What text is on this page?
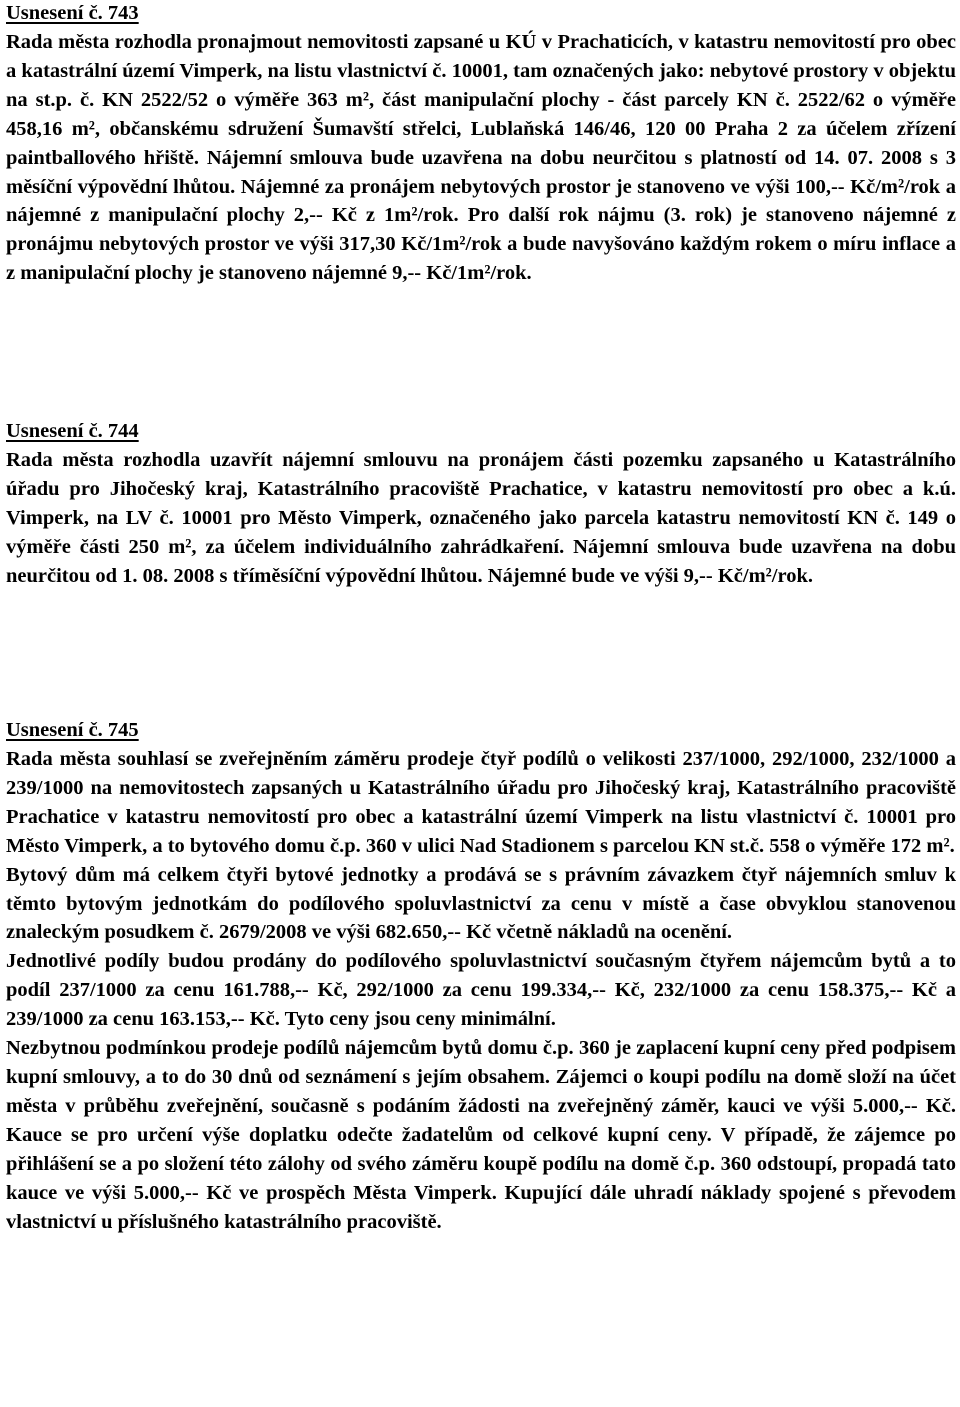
Usnesení č. 743

Rada města rozhodla pronajmout nemovitosti zapsané u KÚ v Prachaticích, v katastru nemovitostí pro obec a katastrální území Vimperk, na listu vlastnictví č. 10001, tam označených jako: nebytové prostory v objektu na st.p. č. KN 2522/52 o výměře 363 m², část manipulační plochy - část parcely KN č. 2522/62 o výměře 458,16 m², občanskému sdružení Šumavští střelci, Lublaňská 146/46, 120 00 Praha 2 za účelem zřízení paintballového hřiště. Nájemní smlouva bude uzavřena na dobu neurčitou s platností od 14. 07. 2008 s 3 měsíční výpovědní lhůtou. Nájemné za pronájem nebytových prostor je stanoveno ve výši 100,-- Kč/m²/rok a nájemné z manipulační plochy 2,-- Kč z 1m²/rok. Pro další rok nájmu (3. rok) je stanoveno nájemné z pronájmu nebytových prostor ve výši 317,30 Kč/1m²/rok a bude navyšováno každým rokem o míru inflace a z manipulační plochy je stanoveno nájemné 9,-- Kč/1m²/rok.

Usnesení č. 744

Rada města rozhodla uzavřít nájemní smlouvu na pronájem části pozemku zapsaného u Katastrálního úřadu pro Jihočeský kraj, Katastrálního pracoviště Prachatice, v katastru nemovitostí pro obec a k.ú. Vimperk, na LV č. 10001 pro Město Vimperk, označeného jako parcela katastru nemovitostí KN č. 149 o výměře části 250 m², za účelem individuálního zahrádkaření. Nájemní smlouva bude uzavřena na dobu neurčitou od 1. 08. 2008 s tříměsíční výpovědní lhůtou. Nájemné bude ve výši 9,-- Kč/m²/rok.

Usnesení č. 745

Rada města souhlasí se zveřejněním záměru prodeje čtyř podílů o velikosti 237/1000, 292/1000, 232/1000 a 239/1000 na nemovitostech zapsaných u Katastrálního úřadu pro Jihočeský kraj, Katastrálního pracoviště Prachatice v katastru nemovitostí pro obec a katastrální území Vimperk na listu vlastnictví č. 10001 pro Město Vimperk, a to bytového domu č.p. 360 v ulici Nad Stadionem s parcelou KN st.č. 558 o výměře 172 m².

Bytový dům má celkem čtyři bytové jednotky a prodává se s právním závazkem čtyř nájemních smluv k těmto bytovým jednotkám do podílového spoluvlastnictví za cenu v místě a čase obvyklou stanovenou znaleckým posudkem č. 2679/2008 ve výši 682.650,-- Kč včetně nákladů na ocenění.

Jednotlivé podíly budou prodány do podílového spoluvlastnictví současným čtyřem nájemcům bytů a to podíl 237/1000 za cenu 161.788,-- Kč, 292/1000 za cenu 199.334,-- Kč, 232/1000 za cenu 158.375,-- Kč a 239/1000 za cenu 163.153,-- Kč. Tyto ceny jsou ceny minimální.

Nezbytnou podmínkou prodeje podílů nájemcům bytů domu č.p. 360 je zaplacení kupní ceny před podpisem kupní smlouvy, a to do 30 dnů od seznámení s jejím obsahem. Zájemci o koupi podílu na domě složí na účet města v průběhu zveřejnění, současně s podáním žádosti na zveřejněný záměr, kauci ve výši 5.000,-- Kč. Kauce se pro určení výše doplatku odečte žadatelům od celkové kupní ceny. V případě, že zájemce po přihlášení se a po složení této zálohy od svého záměru koupě podílu na domě č.p. 360 odstoupí, propadá tato kauce ve výši 5.000,-- Kč ve prospěch Města Vimperk. Kupující dále uhradí náklady spojené s převodem vlastnictví u příslušného katastrálního pracoviště.
